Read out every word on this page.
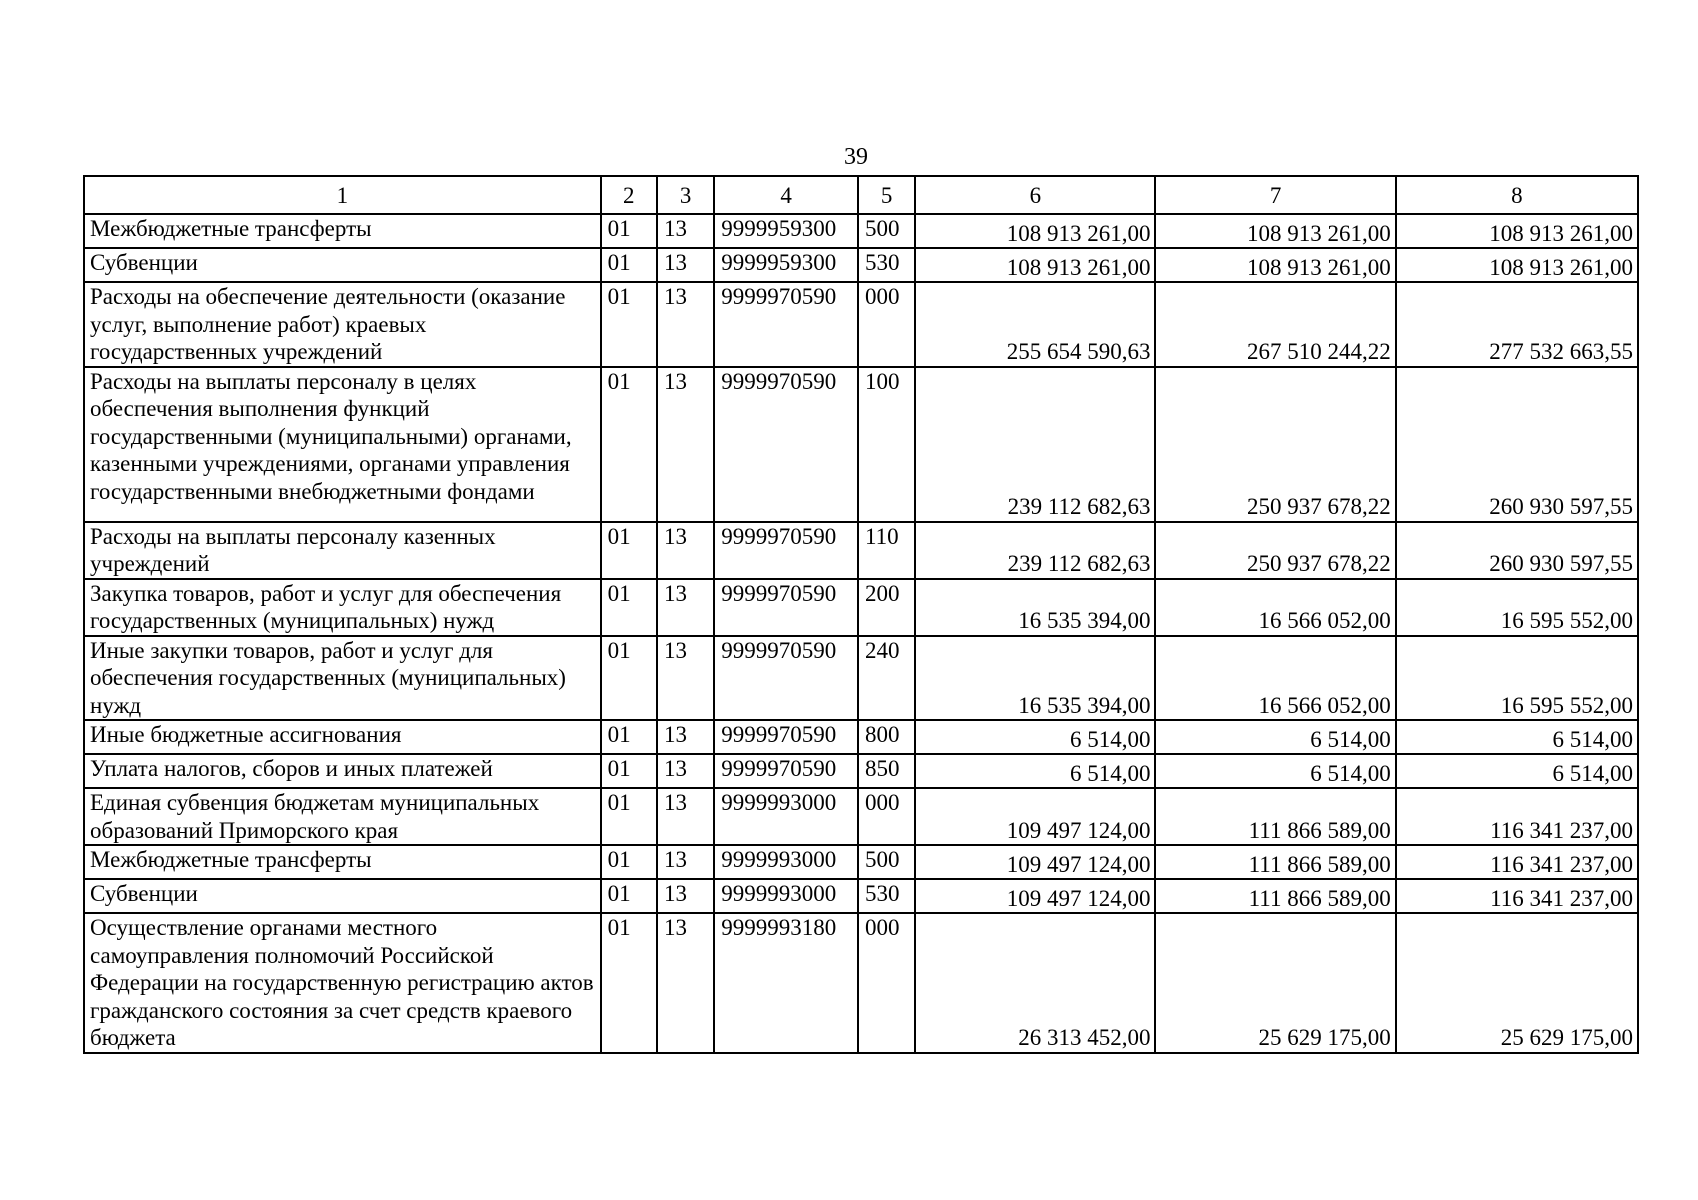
39
1	2	3	4	5	6	7	8
Межбюджетные трансферты	01	13	9999959300	500	108 913 261,00	108 913 261,00	108 913 261,00
Субвенции	01	13	9999959300	530	108 913 261,00	108 913 261,00	108 913 261,00
Расходы на обеспечение деятельности (оказание услуг, выполнение работ) краевых государственных учреждений	01	13	9999970590	000	255 654 590,63	267 510 244,22	277 532 663,55
Расходы на выплаты персоналу в целях обеспечения выполнения функций государственными (муниципальными) органами, казенными учреждениями, органами управления государственными внебюджетными фондами	01	13	9999970590	100	239 112 682,63	250 937 678,22	260 930 597,55
Расходы на выплаты персоналу казенных учреждений	01	13	9999970590	110	239 112 682,63	250 937 678,22	260 930 597,55
Закупка товаров, работ и услуг для обеспечения государственных (муниципальных) нужд	01	13	9999970590	200	16 535 394,00	16 566 052,00	16 595 552,00
Иные закупки товаров, работ и услуг для обеспечения государственных (муниципальных) нужд	01	13	9999970590	240	16 535 394,00	16 566 052,00	16 595 552,00
Иные бюджетные ассигнования	01	13	9999970590	800	6 514,00	6 514,00	6 514,00
Уплата налогов, сборов и иных платежей	01	13	9999970590	850	6 514,00	6 514,00	6 514,00
Единая субвенция бюджетам муниципальных образований Приморского края	01	13	9999993000	000	109 497 124,00	111 866 589,00	116 341 237,00
Межбюджетные трансферты	01	13	9999993000	500	109 497 124,00	111 866 589,00	116 341 237,00
Субвенции	01	13	9999993000	530	109 497 124,00	111 866 589,00	116 341 237,00
Осуществление органами местного самоуправления полномочий Российской Федерации на государственную регистрацию актов гражданского состояния за счет средств краевого бюджета	01	13	9999993180	000	26 313 452,00	25 629 175,00	25 629 175,00
